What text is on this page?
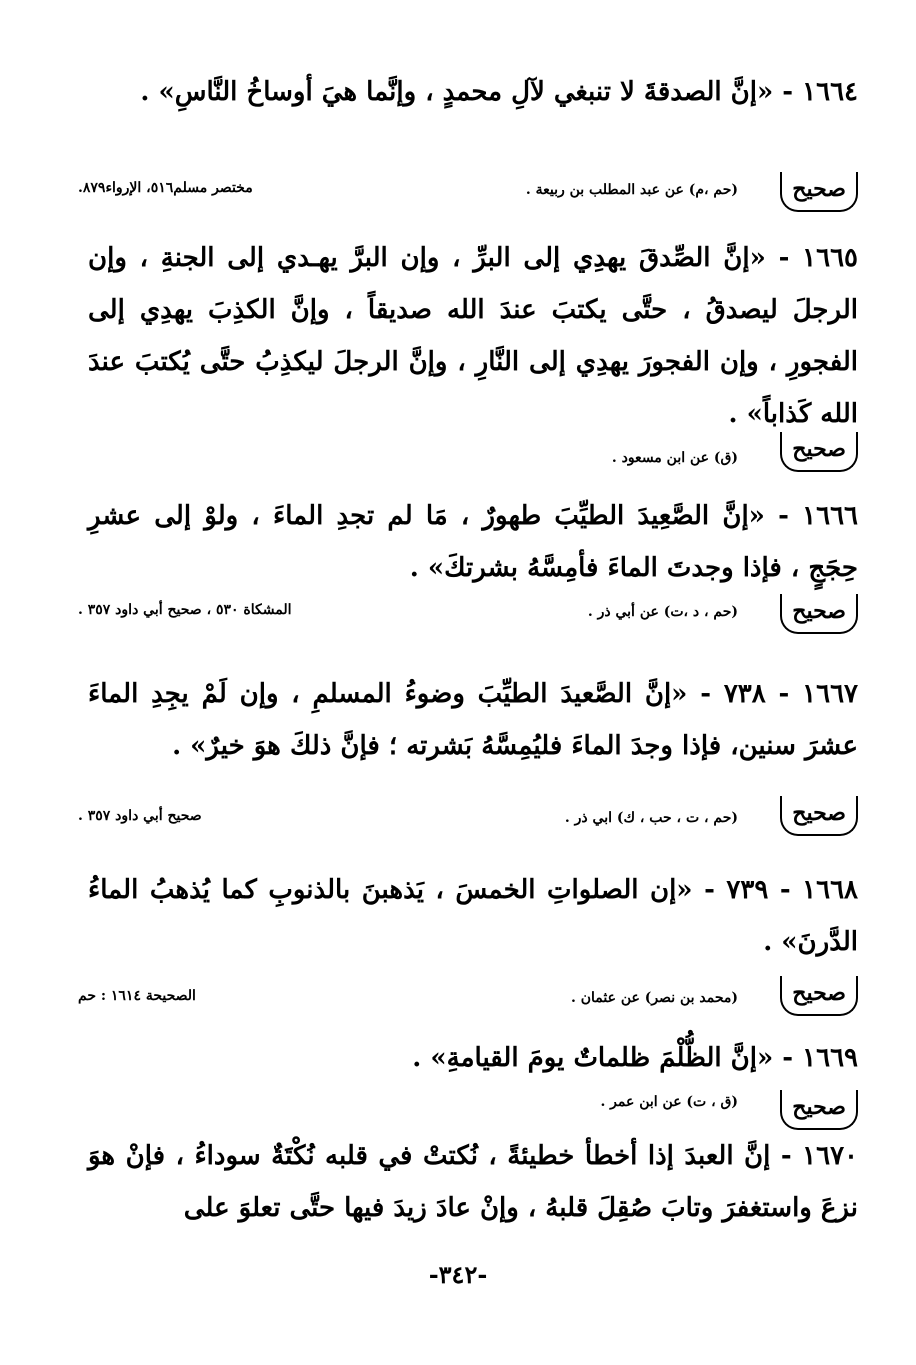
١٦٦٤ - «إنَّ الصدقةَ لا تنبغي لآلِ محمدٍ ، وإنَّما هيَ أوساخُ النَّاسِ» .
صحيح
(حم ،م) عن عبد المطلب بن ربيعة .
مختصر مسلم٥١٦، الإرواء٨٧٩.
١٦٦٥ - «إنَّ الصِّدقَ يهدِي إلى البرِّ ، وإن البرَّ يهـدي إلى الجنةِ ، وإن الرجلَ ليصدقُ ، حتَّى يكتبَ عندَ الله صديقاً ، وإنَّ الكذِبَ يهدِي إلى الفجورِ ، وإن الفجورَ يهدِي إلى النَّارِ ، وإنَّ الرجلَ ليكذِبُ حتَّى يُكتبَ عندَ الله كَذاباً» .
صحيح
(ق) عن ابن مسعود .
١٦٦٦ - «إنَّ الصَّعِيدَ الطيِّبَ طهورٌ ، مَا لم تجدِ الماءَ ، ولوْ إلى عشرِ حِجَجٍ ، فإذا وجدتَ الماءَ فأمِسَّهُ بشرتكَ» .
صحيح
(حم ، د ،ت) عن أبي ذر .
المشكاة ٥٣٠ ، صحيح أبي داود ٣٥٧ .
١٦٦٧ - ٧٣٨ - «إنَّ الصَّعيدَ الطيِّبَ وضوءُ المسلمِ ، وإن لَمْ يجِدِ الماءَ عشرَ سنين، فإذا وجدَ الماءَ فليُمِسَّهُ بَشرته ؛ فإنَّ ذلكَ هوَ خيرٌ» .
صحيح
(حم ، ت ، حب ، ك) ابي ذر .
صحيح أبي داود ٣٥٧ .
١٦٦٨ - ٧٣٩ - «إن الصلواتِ الخمسَ ، يَذهبنَ بالذنوبِ كما يُذهبُ الماءُ الدَّرنَ» .
صحيح
(محمد بن نصر) عن عثمان .
الصحيحة ١٦١٤ : حم
١٦٦٩ - «إنَّ الظُّلْمَ ظلماتٌ يومَ القيامةِ» .
صحيح
(ق ، ت) عن ابن عمر .
١٦٧٠ - إنَّ العبدَ إذا أخطأ خطيئةً ، نُكتتْ في قلبه نُكْتَةٌ سوداءُ ، فإنْ هوَ نزعَ واستغفرَ وتابَ صُقِلَ قلبهُ ، وإنْ عادَ زيدَ فيها حتَّى تعلوَ على
-٣٤٢-
